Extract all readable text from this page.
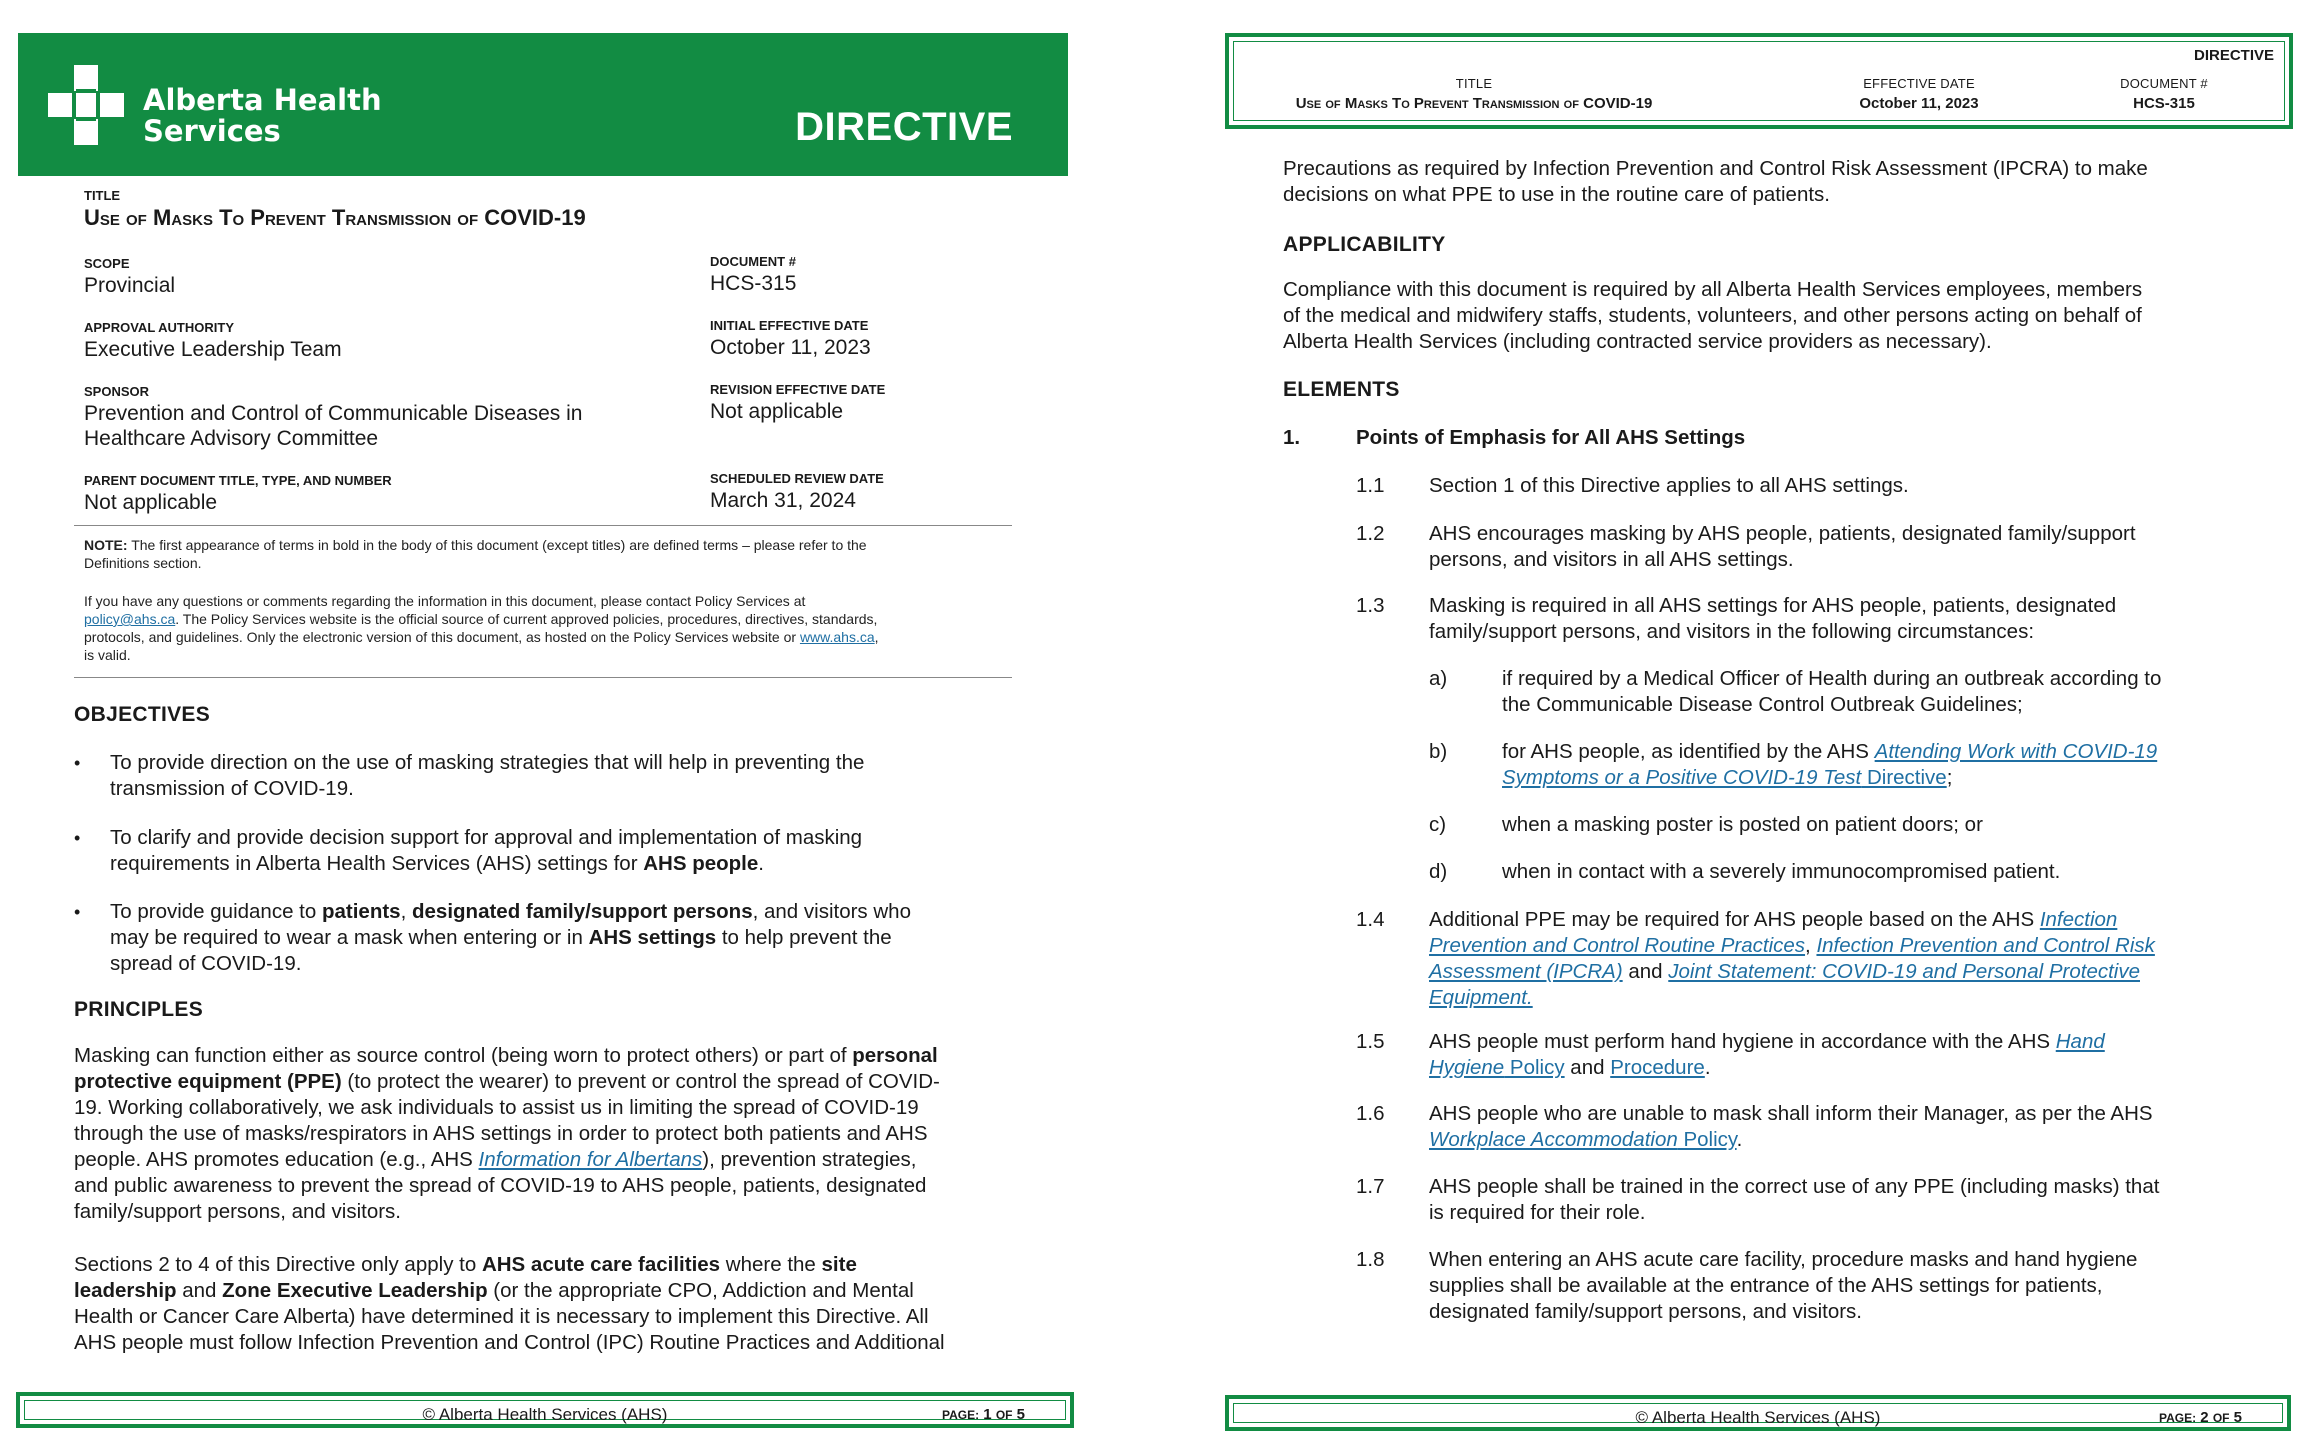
Alberta Health
Services	DIRECTIVE
TITLE
Use of Masks To Prevent Transmission of COVID-19
SCOPE
Provincial
APPROVAL AUTHORITY
Executive Leadership Team
SPONSOR
Prevention and Control of Communicable Diseases in
Healthcare Advisory Committee
PARENT DOCUMENT TITLE, TYPE, AND NUMBER
Not applicable
DOCUMENT #
HCS-315
INITIAL EFFECTIVE DATE
October 11, 2023
REVISION EFFECTIVE DATE
Not applicable
SCHEDULED REVIEW DATE
March 31, 2024
NOTE: The first appearance of terms in bold in the body of this document (except titles) are defined terms – please refer to the
Definitions section.
If you have any questions or comments regarding the information in this document, please contact Policy Services at
policy@ahs.ca. The Policy Services website is the official source of current approved policies, procedures, directives, standards,
protocols, and guidelines. Only the electronic version of this document, as hosted on the Policy Services website or www.ahs.ca,
is valid.
OBJECTIVES
• To provide direction on the use of masking strategies that will help in preventing the
transmission of COVID-19.
• To clarify and provide decision support for approval and implementation of masking
requirements in Alberta Health Services (AHS) settings for AHS people.
• To provide guidance to patients, designated family/support persons, and visitors who
may be required to wear a mask when entering or in AHS settings to help prevent the
spread of COVID-19.
PRINCIPLES
Masking can function either as source control (being worn to protect others) or part of personal
protective equipment (PPE) (to protect the wearer) to prevent or control the spread of COVID-
19. Working collaboratively, we ask individuals to assist us in limiting the spread of COVID-19
through the use of masks/respirators in AHS settings in order to protect both patients and AHS
people. AHS promotes education (e.g., AHS Information for Albertans), prevention strategies,
and public awareness to prevent the spread of COVID-19 to AHS people, patients, designated
family/support persons, and visitors.
Sections 2 to 4 of this Directive only apply to AHS acute care facilities where the site
leadership and Zone Executive Leadership (or the appropriate CPO, Addiction and Mental
Health or Cancer Care Alberta) have determined it is necessary to implement this Directive. All
AHS people must follow Infection Prevention and Control (IPC) Routine Practices and Additional
© Alberta Health Services (AHS)	PAGE: 1 OF 5
DIRECTIVE
TITLE
Use of Masks To Prevent Transmission of COVID-19
EFFECTIVE DATE
October 11, 2023
DOCUMENT #
HCS-315
Precautions as required by Infection Prevention and Control Risk Assessment (IPCRA) to make
decisions on what PPE to use in the routine care of patients.
APPLICABILITY
Compliance with this document is required by all Alberta Health Services employees, members
of the medical and midwifery staffs, students, volunteers, and other persons acting on behalf of
Alberta Health Services (including contracted service providers as necessary).
ELEMENTS
1.	Points of Emphasis for All AHS Settings
1.1 Section 1 of this Directive applies to all AHS settings.
1.2 AHS encourages masking by AHS people, patients, designated family/support
persons, and visitors in all AHS settings.
1.3 Masking is required in all AHS settings for AHS people, patients, designated
family/support persons, and visitors in the following circumstances:
a)	if required by a Medical Officer of Health during an outbreak according to
the Communicable Disease Control Outbreak Guidelines;
b)	for AHS people, as identified by the AHS Attending Work with COVID-19
Symptoms or a Positive COVID-19 Test Directive;
c)	when a masking poster is posted on patient doors; or
d)	when in contact with a severely immunocompromised patient.
1.4 Additional PPE may be required for AHS people based on the AHS Infection
Prevention and Control Routine Practices, Infection Prevention and Control Risk
Assessment (IPCRA) and Joint Statement: COVID-19 and Personal Protective
Equipment.
1.5 AHS people must perform hand hygiene in accordance with the AHS Hand
Hygiene Policy and Procedure.
1.6 AHS people who are unable to mask shall inform their Manager, as per the AHS
Workplace Accommodation Policy.
1.7 AHS people shall be trained in the correct use of any PPE (including masks) that
is required for their role.
1.8 When entering an AHS acute care facility, procedure masks and hand hygiene
supplies shall be available at the entrance of the AHS settings for patients,
designated family/support persons, and visitors.
© Alberta Health Services (AHS)	PAGE: 2 OF 5
